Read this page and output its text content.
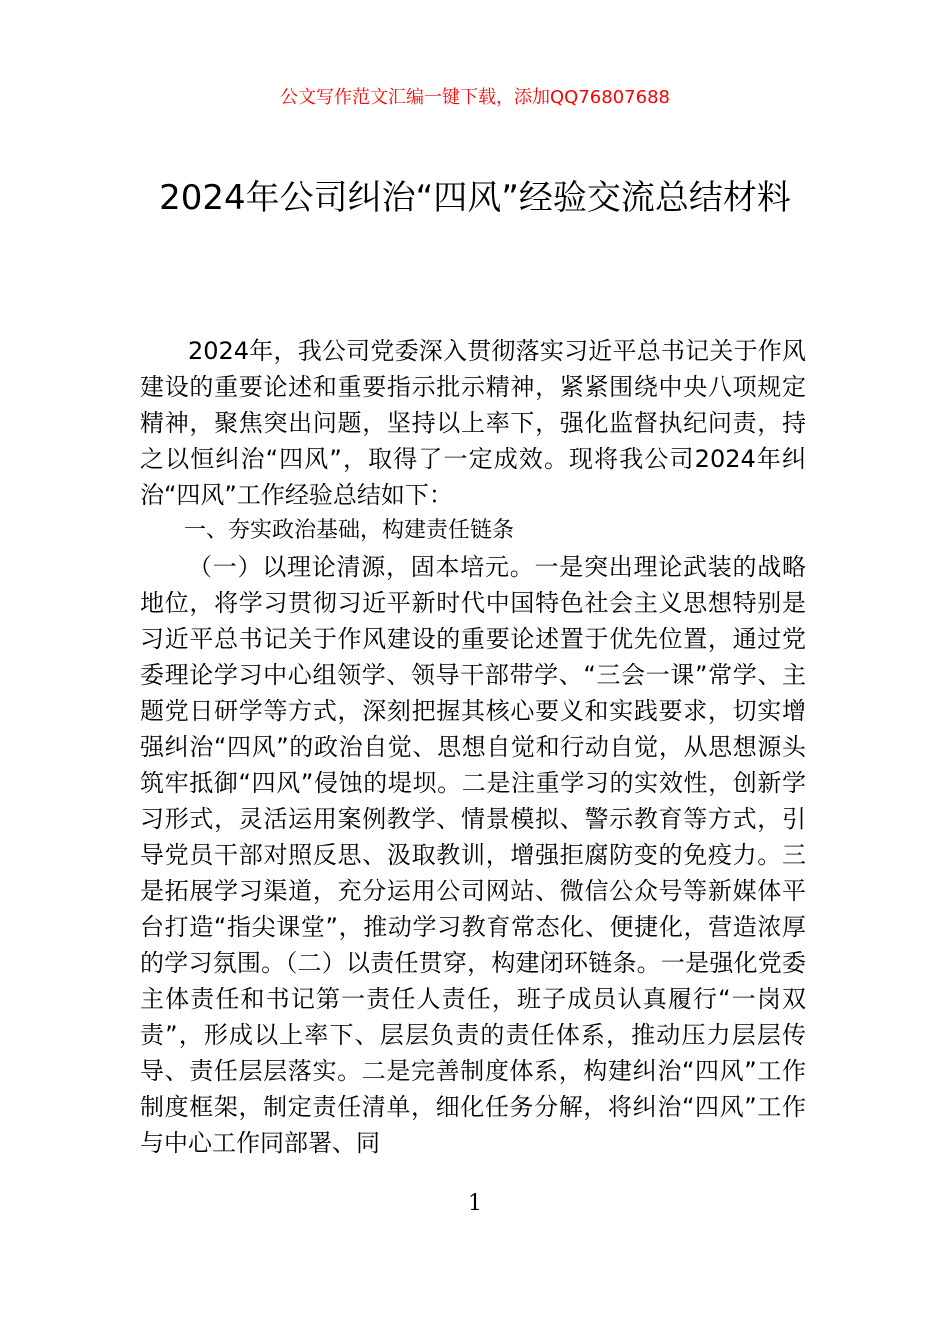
公文写作范文汇编一键下载，添加QQ76807688
2024年公司纠治“四风”经验交流总结材料

2024年，我公司党委深入贯彻落实习近平总书记关于作风建设的重要论述和重要指示批示精神，紧紧围绕中央八项规定精神，聚焦突出问题，坚持以上率下，强化监督执纪问责，持之以恒纠治“四风”，取得了一定成效。现将我公司2024年纠治“四风”工作经验总结如下：

一、夯实政治基础，构建责任链条

（一）以理论清源，固本培元。一是突出理论武装的战略地位，将学习贯彻习近平新时代中国特色社会主义思想特别是习近平总书记关于作风建设的重要论述置于优先位置，通过党委理论学习中心组领学、领导干部带学、“三会一课”常学、主题党日研学等方式，深刻把握其核心要义和实践要求，切实增强纠治“四风”的政治自觉、思想自觉和行动自觉，从思想源头筑牢抵御“四风”侵蚀的堤坝。二是注重学习的实效性，创新学习形式，灵活运用案例教学、情景模拟、警示教育等方式，引导党员干部对照反思、汲取教训，增强拒腐防变的免疫力。三是拓展学习渠道，充分运用公司网站、微信公众号等新媒体平台打造“指尖课堂”，推动学习教育常态化、便捷化，营造浓厚的学习氛围。（二）以责任贯穿，构建闭环链条。一是强化党委主体责任和书记第一责任人责任，班子成员认真履行“一岗双责”，形成以上率下、层层负责的责任体系，推动压力层层传导、责任层层落实。二是完善制度体系，构建纠治“四风”工作制度框架，制定责任清单，细化任务分解，将纠治“四风”工作与中心工作同部署、同

1
